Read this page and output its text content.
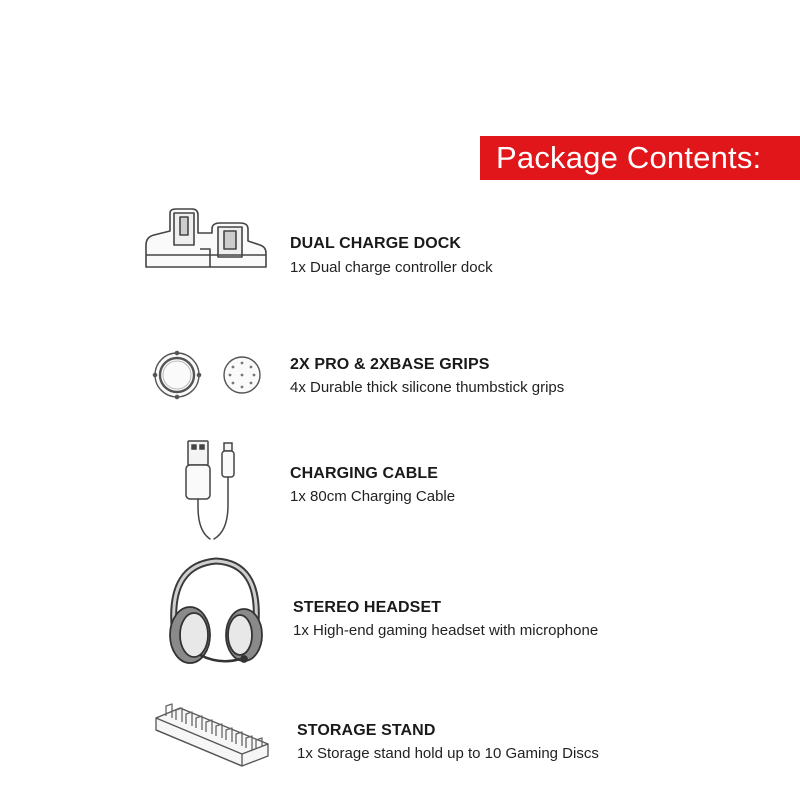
Package Contents:
DUAL CHARGE DOCK
1x Dual charge controller dock
2X PRO & 2XBASE GRIPS
4x Durable thick silicone thumbstick grips
CHARGING CABLE
1x 80cm Charging Cable
STEREO HEADSET
1x High-end gaming headset with microphone
STORAGE STAND
1x Storage stand hold up to 10 Gaming Discs
